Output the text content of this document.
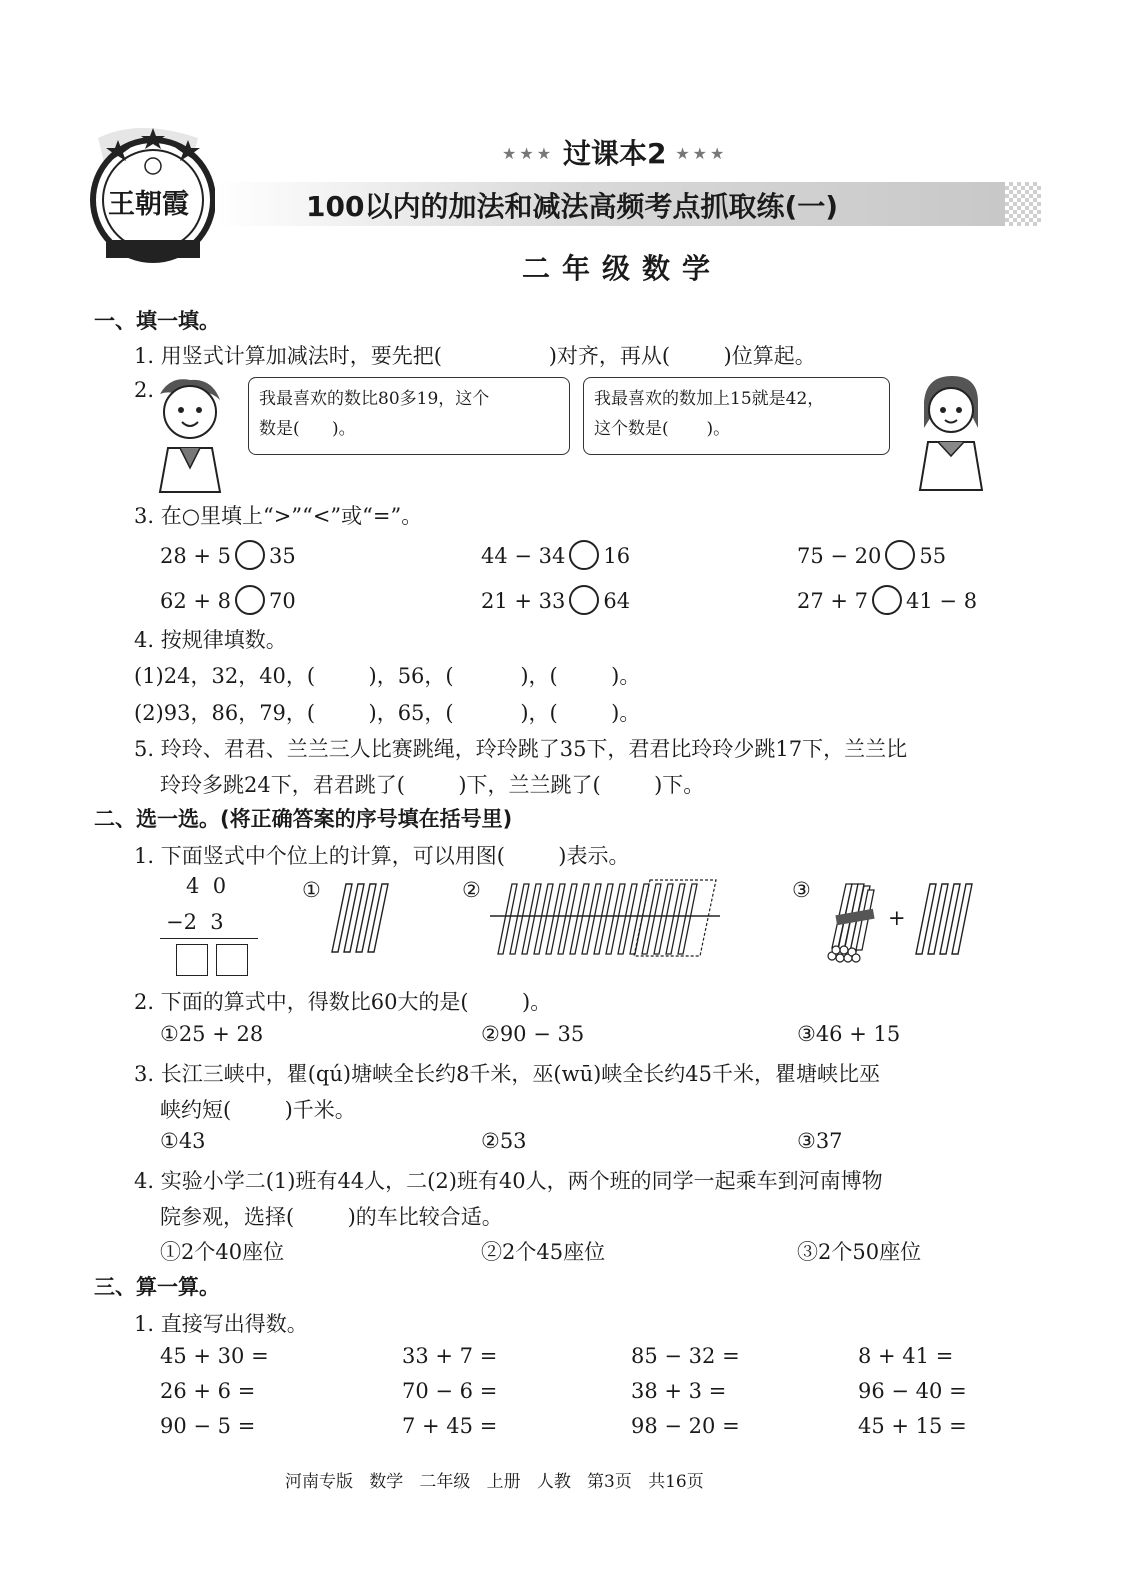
王朝霞
★★★ 过课本2 ★★★
100以内的加法和减法高频考点抓取练(一)
二年级数学
一、填一填。
1. 用竖式计算加减法时，要先把(                )对齐，再从(        )位算起。
2.	我最喜欢的数比80多19，这个
数是(      )。
我最喜欢的数加上15就是42，
这个数是(       )。
3. 在○里填上“>”“<”或“=”。
28 + 5 35	44 − 34 16	75 − 20 55
62 + 8 70	21 + 33 64	27 + 7 41 − 8
4. 按规律填数。
(1)24，32，40，(        )，56，(          )，(        )。
(2)93，86，79，(        )，65，(          )，(        )。
5. 玲玲、君君、兰兰三人比赛跳绳，玲玲跳了35下，君君比玲玲少跳17下，兰兰比
玲玲多跳24下，君君跳了(        )下，兰兰跳了(        )下。
二、选一选。(将正确答案的序号填在括号里)
1. 下面竖式中个位上的计算，可以用图(        )表示。
4  0
−2  3
①	②	③
+
2. 下面的算式中，得数比60大的是(        )。
①25 + 28	②90 − 35	③46 + 15
3. 长江三峡中，瞿(qú)塘峡全长约8千米，巫(wū)峡全长约45千米，瞿塘峡比巫
峡约短(        )千米。
①43	②53	③37
4. 实验小学二(1)班有44人，二(2)班有40人，两个班的同学一起乘车到河南博物
院参观，选择(        )的车比较合适。
①2个40座位	②2个45座位	③2个50座位
三、算一算。
1. 直接写出得数。
45 + 30 =	33 + 7 =	85 − 32 =	8 + 41 =
26 + 6 =	70 − 6 =	38 + 3 =	96 − 40 =
90 − 5 =	7 + 45 =	98 − 20 =	45 + 15 =
河南专版   数学   二年级   上册   人教   第3页   共16页
